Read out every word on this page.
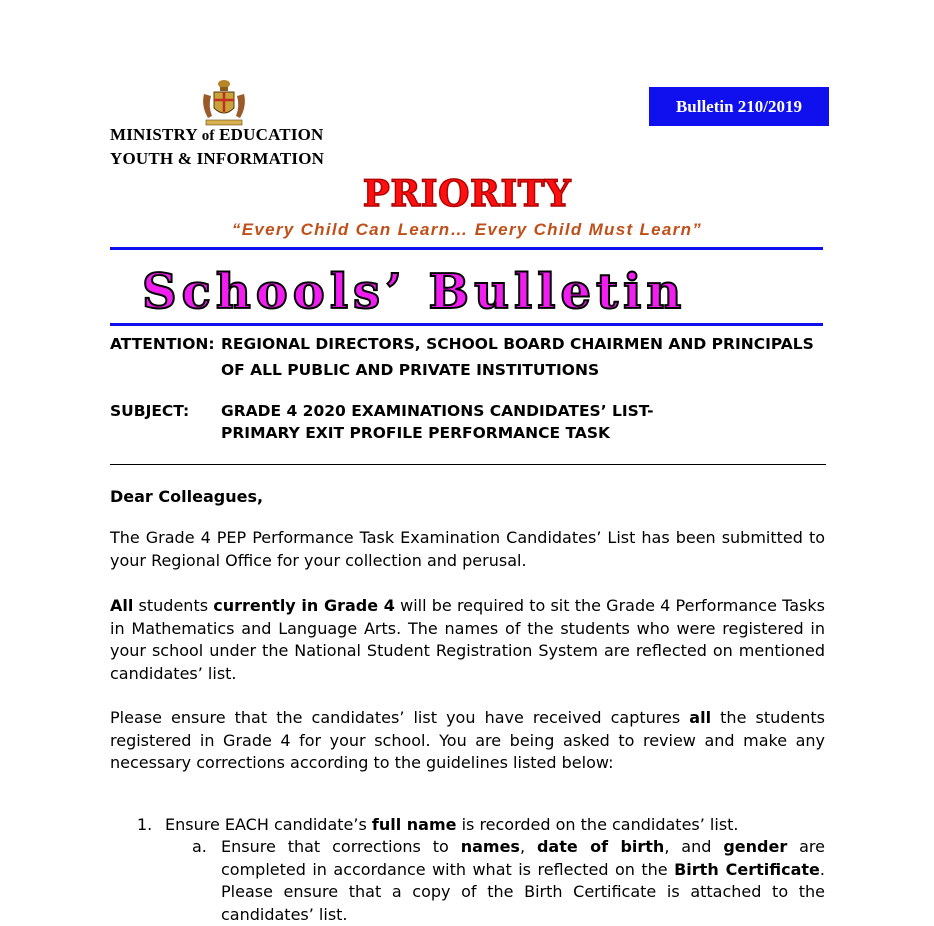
MINISTRY of EDUCATION
YOUTH & INFORMATION
Bulletin 210/2019
PRIORITY
“Every Child Can Learn… Every Child Must Learn”
Schools’ Bulletin
ATTENTION: REGIONAL DIRECTORS, SCHOOL BOARD CHAIRMEN AND PRINCIPALS
OF ALL PUBLIC AND PRIVATE INSTITUTIONS
SUBJECT: GRADE 4 2020 EXAMINATIONS CANDIDATES’ LIST-
PRIMARY EXIT PROFILE PERFORMANCE TASK
Dear Colleagues,
The Grade 4 PEP Performance Task Examination Candidates’ List has been submitted to your Regional Office for your collection and perusal.
All students currently in Grade 4 will be required to sit the Grade 4 Performance Tasks in Mathematics and Language Arts. The names of the students who were registered in your school under the National Student Registration System are reflected on mentioned candidates’ list.
Please ensure that the candidates’ list you have received captures all the students registered in Grade 4 for your school. You are being asked to review and make any necessary corrections according to the guidelines listed below:
1. Ensure EACH candidate’s full name is recorded on the candidates’ list.
a. Ensure that corrections to names, date of birth, and gender are completed in accordance with what is reflected on the Birth Certificate. Please ensure that a copy of the Birth Certificate is attached to the candidates’ list.
